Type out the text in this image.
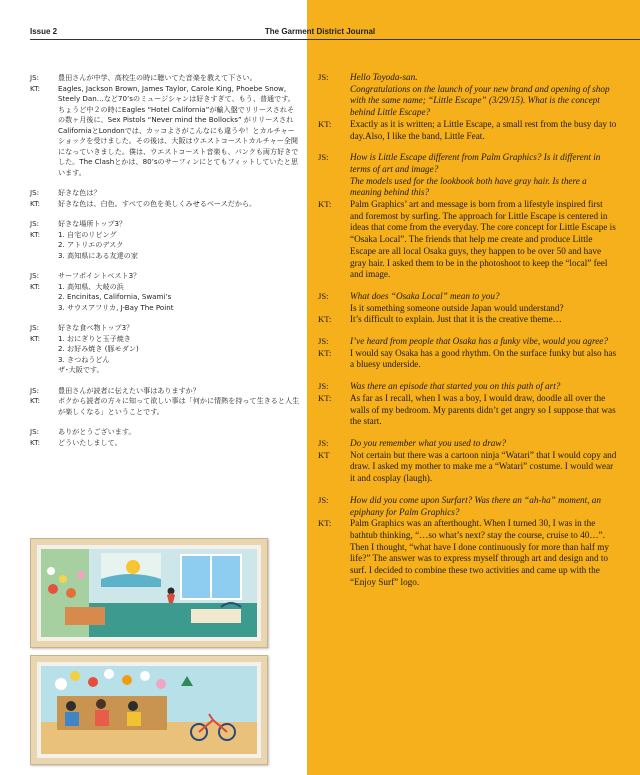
Issue 2	The Garment District Journal
JS:	豊田さんが中学、高校生の時に聴いてた音楽を教えて下さい。
KT:	Eagles, Jackson Brown, James Taylor, Carole King, Phoebe Snow, Steely Dan…など70’sのミュージシャンは好きすぎて、もう、普通です。ちょうど中２の時にEagles “Hotel California”が輸入盤でリリースされその数ヶ月後に、Sex Pistols “Never mind the Bollocks” がリリースされCaliforniaとLondonでは、カッコよさがこんなにも違うや！とカルチャーショックを受けました。その後は、大阪はウエストコーストカルチャー全開になっていきました。僕は、ウエストコースト音楽も、パンクも両方好きでした。The Clashとかは、80’sのサーフィンにとてもフィットしていたと思います。
JS:	好きな色は？
KT:	好きな色は、白色。すべての色を美しくみせるベースだから。
JS:	好きな場所トップ3？
KT:	1. 自宅のリビング
2. アトリエのデスク
3. 高知県にある友達の家
JS:	サーフポイントベスト3？
KT:	1. 高知県、大岐の浜
2. Encinitas, California, Swami’s
3. サウスアフリカ, J-Bay The Point
JS:	好きな食べ物トップ3？
KT:	1. おにぎりと玉子焼き
2. お好み焼き (豚モダン)
3. きつねうどん
ザ･大阪です。
JS:	豊田さんが読者に伝えたい事はありますか？
KT:	ボクから読者の方々に知って欲しい事は「何かに情熱を持って生きると人生が楽しくなる」ということです。
JS:	ありがとうございます。
KT:	どういたしまして。
JS:	Hello Toyoda-san.
Congratulations on the launch of your new brand and opening of shop with the same name; “Little Escape” (3/29/15). What is the concept behind Little Escape?
KT:	Exactly as it is written; a Little Escape, a small rest from the busy day to day.Also, I like the band, Little Feat.
JS:	How is Little Escape different from Palm Graphics? Is it different in terms of art and image?
The models used for the lookbook both have gray hair. Is there a meaning behind this?
KT:	Palm Graphics’ art and message is born from a lifestyle inspired first and foremost by surfing. The approach for Little Escape is centered in ideas that come from the everyday. The core concept for Little Escape is “Osaka Local”. The friends that help me create and produce Little Escape are all local Osaka guys, they happen to be over 50 and have gray hair. I asked them to be in the photoshoot to keep the “local” feel and image.
JS:	What does “Osaka Local” mean to you?
Is it something someone outside Japan would understand?
KT:	It’s difficult to explain. Just that it is the creative theme…
JS:	I’ve heard from people that Osaka has a funky vibe, would you agree?
KT:	I would say Osaka has a good rhythm. On the surface funky but also has a bluesy underside.
JS:	Was there an episode that started you on this path of art?
KT:	As far as I recall, when I was a boy, I would draw, doodle all over the walls of my bedroom. My parents didn’t get angry so I suppose that was the start.
JS:	Do you remember what you used to draw?
KT	Not certain but there was a cartoon ninja “Watari” that I would copy and draw. I asked my mother to make me a “Watari” costume. I would wear it and cosplay (laugh).
JS:	How did you come upon Surfart? Was there an “ah-ha” moment, an epiphany for Palm Graphics?
KT:	Palm Graphics was an afterthought. When I turned 30, I was in the bathtub thinking, “…so what’s next? stay the course, cruise to 40…”. Then I thought, “what have I done continuously for more than half my life?” The answer was to express myself through art and design and to surf. I decided to combine these two activities and came up with the “Enjoy Surf” logo.
